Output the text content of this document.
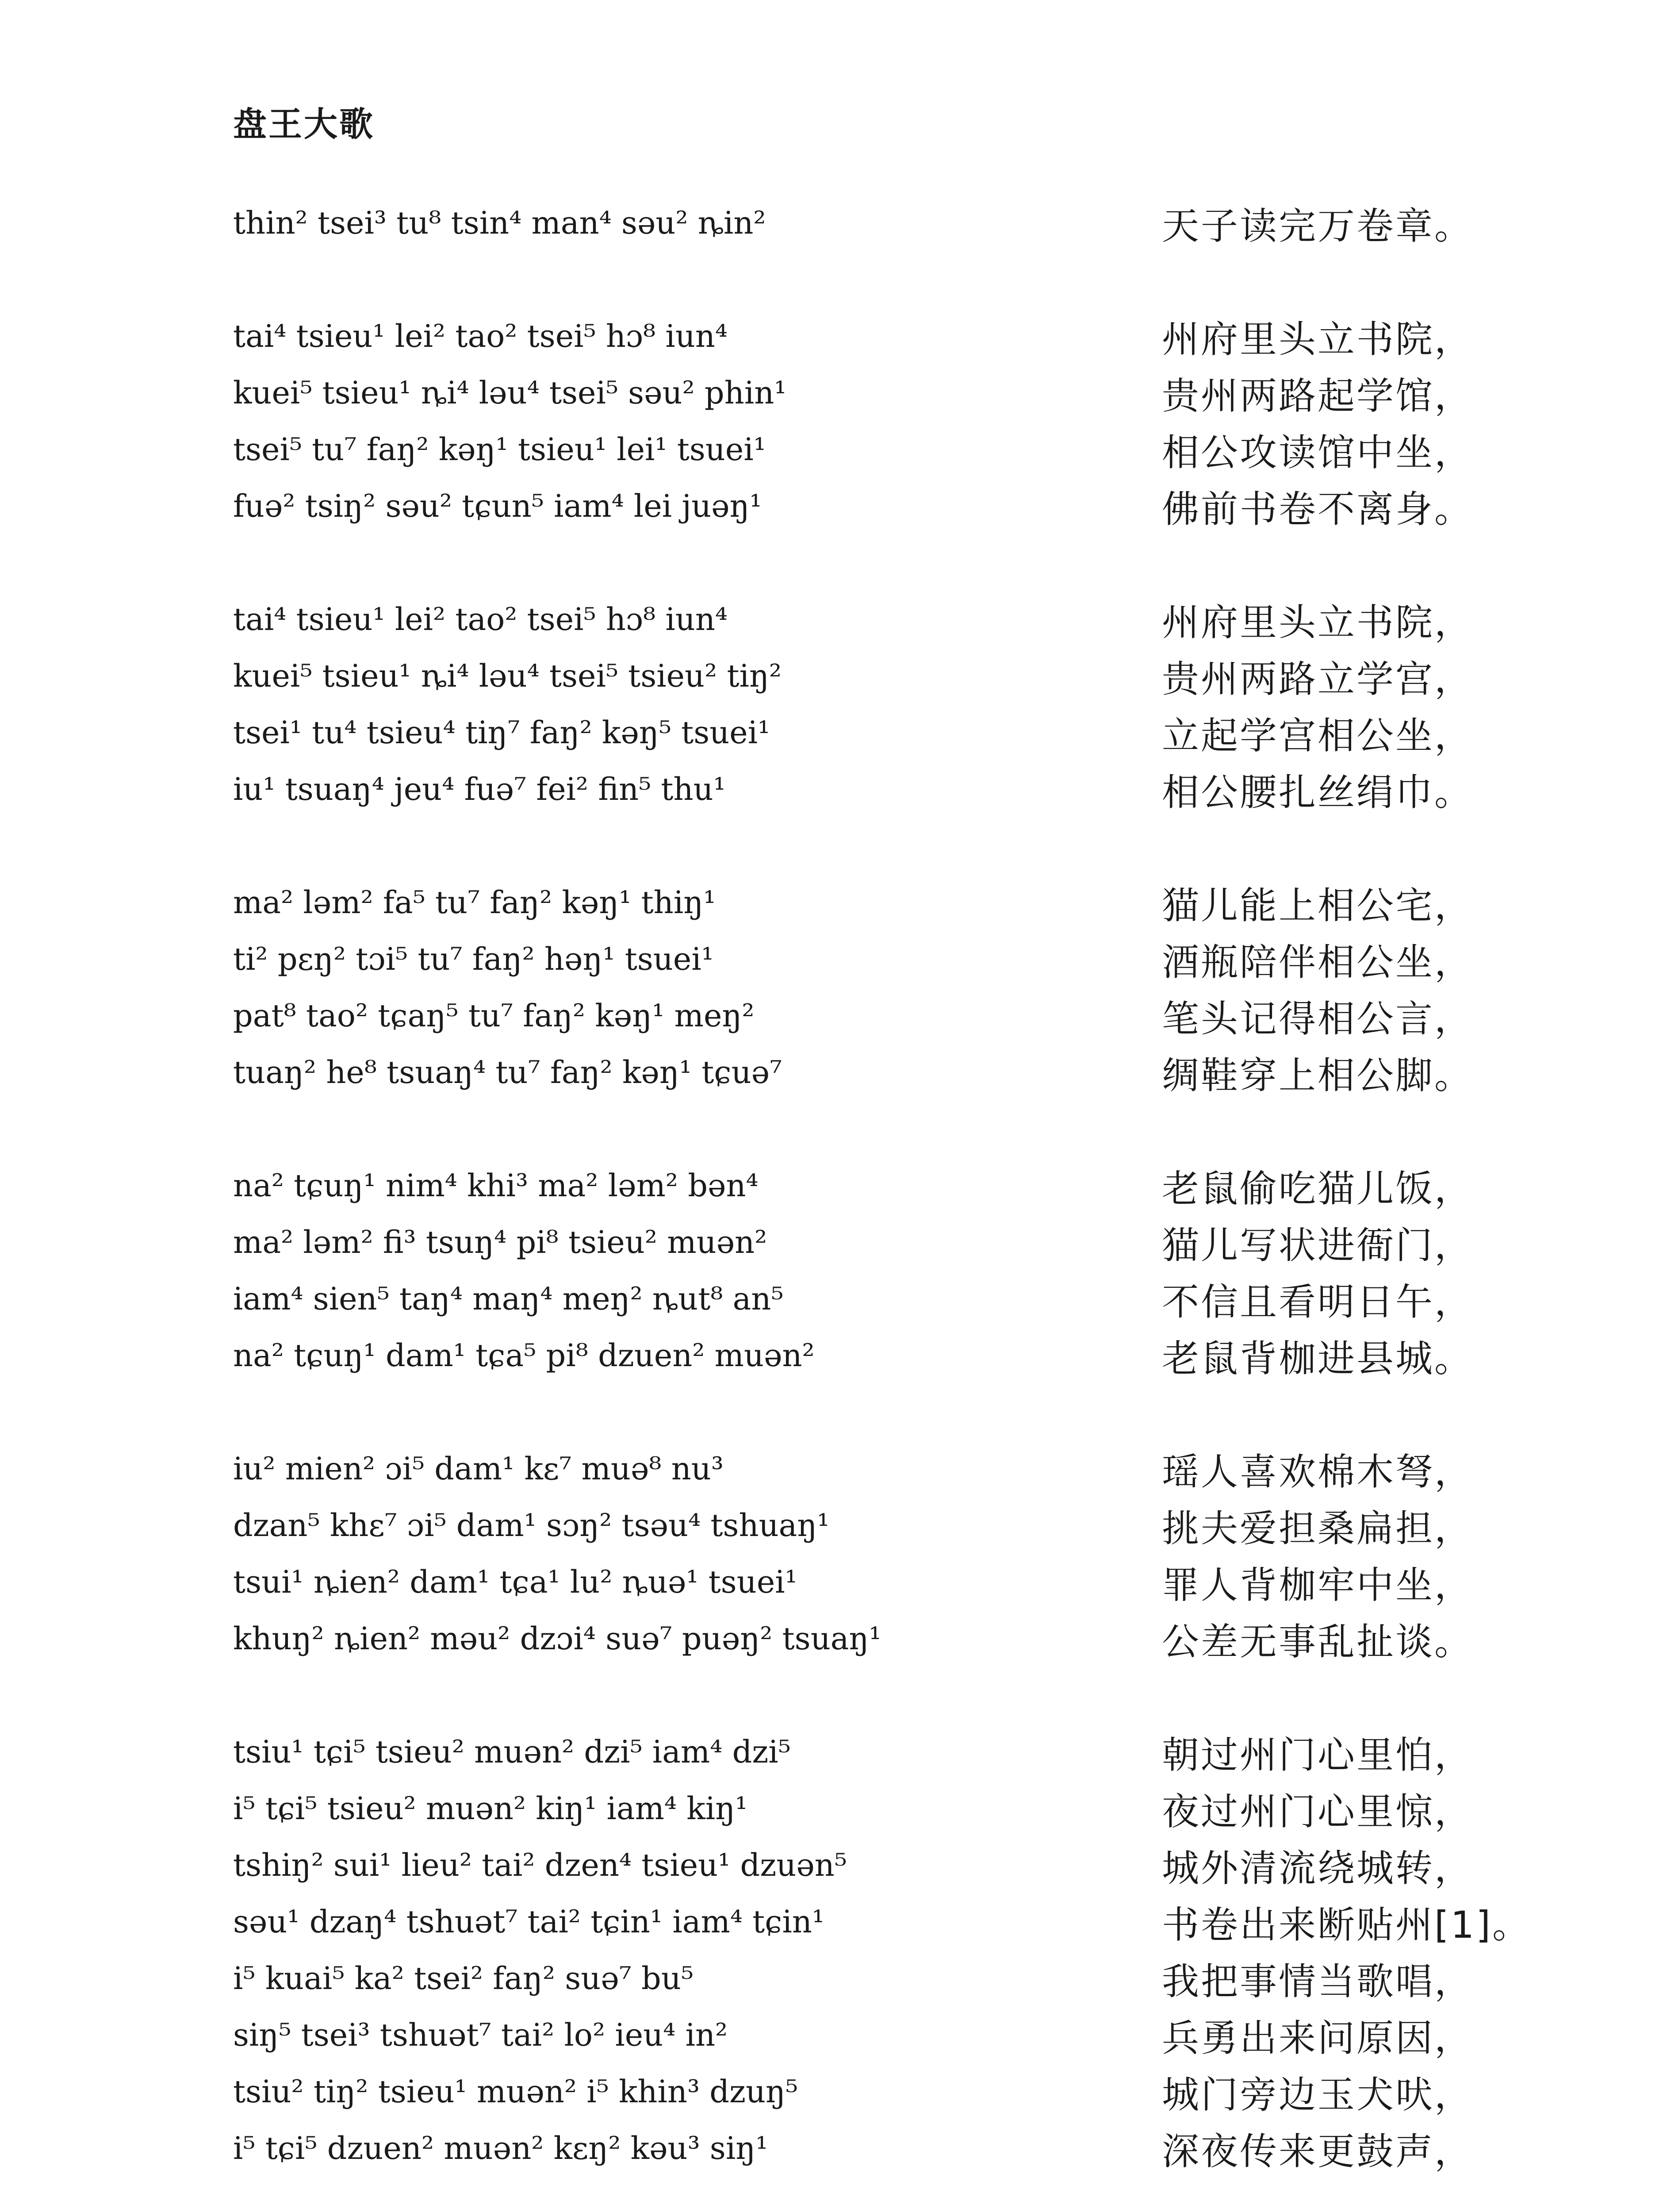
盘王大歌
thin² tsei³ tu⁸ tsin⁴ man⁴ səu² ȵin²	天子读完万卷章。
tai⁴ tsieu¹ lei² tao² tsei⁵ hɔ⁸ iun⁴	州府里头立书院，
kuei⁵ tsieu¹ ȵi⁴ ləu⁴ tsei⁵ səu² phin¹	贵州两路起学馆，
tsei⁵ tu⁷ faŋ² kəŋ¹ tsieu¹ lei¹ tsuei¹	相公攻读馆中坐，
fuə² tsiŋ² səu² tɕun⁵ iam⁴ lei juəŋ¹	佛前书卷不离身。
tai⁴ tsieu¹ lei² tao² tsei⁵ hɔ⁸ iun⁴	州府里头立书院，
kuei⁵ tsieu¹ ȵi⁴ ləu⁴ tsei⁵ tsieu² tiŋ²	贵州两路立学宫，
tsei¹ tu⁴ tsieu⁴ tiŋ⁷ faŋ² kəŋ⁵ tsuei¹	立起学宫相公坐，
iu¹ tsuaŋ⁴ jeu⁴ fuə⁷ fei² fin⁵ thu¹	相公腰扎丝绢巾。
ma² ləm² fa⁵ tu⁷ faŋ² kəŋ¹ thiŋ¹	猫儿能上相公宅，
ti² pɛŋ² tɔi⁵ tu⁷ faŋ² həŋ¹ tsuei¹	酒瓶陪伴相公坐，
pat⁸ tao² tɕaŋ⁵ tu⁷ faŋ² kəŋ¹ meŋ²	笔头记得相公言，
tuaŋ² he⁸ tsuaŋ⁴ tu⁷ faŋ² kəŋ¹ tɕuə⁷	绸鞋穿上相公脚。
na² tɕuŋ¹ nim⁴ khi³ ma² ləm² bən⁴	老鼠偷吃猫儿饭，
ma² ləm² fi³ tsuŋ⁴ pi⁸ tsieu² muən²	猫儿写状进衙门，
iam⁴ sien⁵ taŋ⁴ maŋ⁴ meŋ² ȵut⁸ an⁵	不信且看明日午，
na² tɕuŋ¹ dam¹ tɕa⁵ pi⁸ dzuen² muən²	老鼠背枷进县城。
iu² mien² ɔi⁵ dam¹ kɛ⁷ muə⁸ nu³	瑶人喜欢棉木弩，
dzan⁵ khɛ⁷ ɔi⁵ dam¹ sɔŋ² tsəu⁴ tshuaŋ¹	挑夫爱担桑扁担，
tsui¹ ȵien² dam¹ tɕa¹ lu² ȵuə¹ tsuei¹	罪人背枷牢中坐，
khuŋ² ȵien² məu² dzɔi⁴ suə⁷ puəŋ² tsuaŋ¹	公差无事乱扯谈。
tsiu¹ tɕi⁵ tsieu² muən² dzi⁵ iam⁴ dzi⁵	朝过州门心里怕，
i⁵ tɕi⁵ tsieu² muən² kiŋ¹ iam⁴ kiŋ¹	夜过州门心里惊，
tshiŋ² sui¹ lieu² tai² dzen⁴ tsieu¹ dzuən⁵	城外清流绕城转，
səu¹ dzaŋ⁴ tshuət⁷ tai² tɕin¹ iam⁴ tɕin¹	书卷出来断贴州[1]。
i⁵ kuai⁵ ka² tsei² faŋ² suə⁷ bu⁵	我把事情当歌唱，
siŋ⁵ tsei³ tshuət⁷ tai² lo² ieu⁴ in²	兵勇出来问原因，
tsiu² tiŋ² tsieu¹ muən² i⁵ khin³ dzuŋ⁵	城门旁边玉犬吠，
i⁵ tɕi⁵ dzuen² muən² kɛŋ² kəu³ siŋ¹	深夜传来更鼓声，
